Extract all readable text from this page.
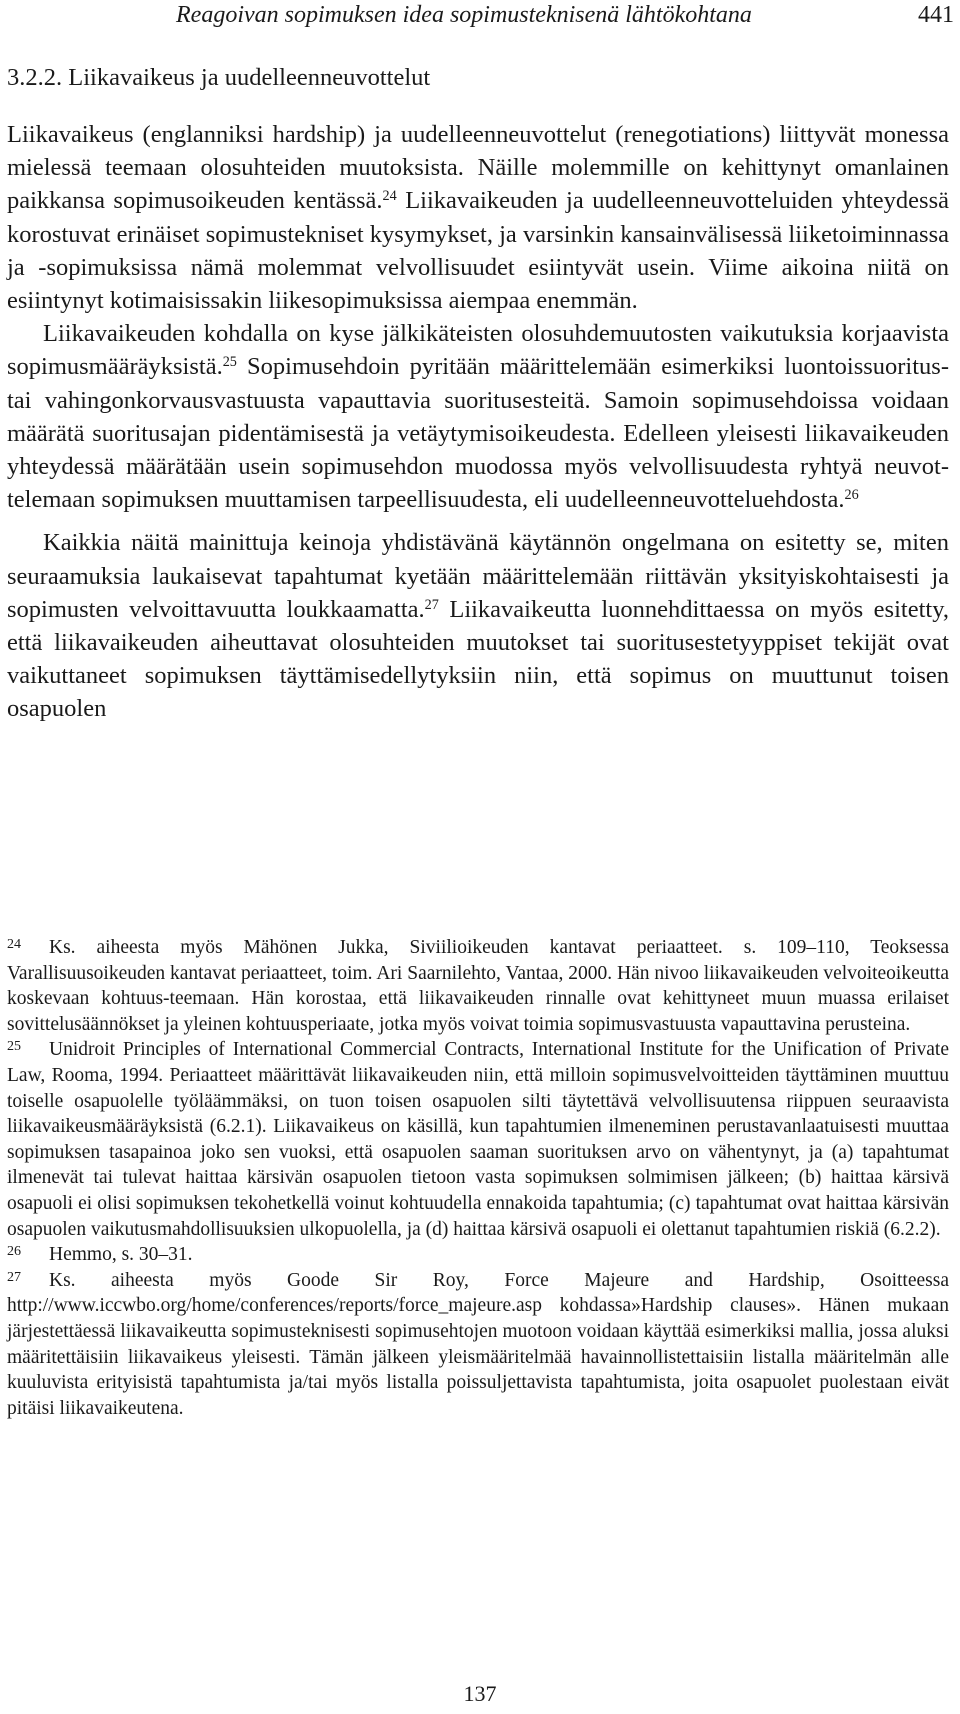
Reagoivan sopimuksen idea sopimusteknisenä lähtökohtana	441
3.2.2. Liikavaikeus ja uudelleenneuvottelut

Liikavaikeus (englanniksi hardship) ja uudelleenneuvottelut (renegotiations) liittyvät monessa mielessä teemaan olosuhteiden muutoksista. Näille molemmille on kehittynyt omanlainen paikkansa sopimusoikeuden kentässä.$^{24}$ Liikavaikeuden ja uudelleenneuvotteluiden yhteydessä korostuvat erinäiset sopimustekniset kysymykset, ja varsinkin kansainvälisessä liiketoiminnassa ja -sopimuksissa nämä molemmat velvollisuudet esiintyvät usein. Viime aikoina niitä on esiintynyt kotimaisissakin liikesopimuksissa aiempaa enemmän.

Liikavaikeuden kohdalla on kyse jälkikäteisten olosuhdemuutosten vaikutuksia korjaavista sopimusmääräyksistä.$^{25}$ Sopimusehdoin pyritään määrittelemään esimerkiksi luontoissuoritus- tai vahingonkorvausvastuusta vapauttavia suoritusesteitä. Samoin sopimusehdoissa voidaan määrätä suoritusajan pidentämisestä ja vetäytymisoikeudesta. Edelleen yleisesti liikavaikeuden yhteydessä määrätään usein sopimusehdon muodossa myös velvollisuudesta ryhtyä neuvottelemaan sopimuksen muuttamisen tarpeellisuudesta, eli uudelleenneuvotteluehdosta.$^{26}$

Kaikkia näitä mainittuja keinoja yhdistävänä käytännön ongelmana on esitetty se, miten seuraamuksia laukaisevat tapahtumat kyetään määrittelemään riittävän yksityiskohtaisesti ja sopimusten velvoittavuutta loukkaamatta.$^{27}$ Liikavaikeutta luonnehdittaessa on myös esitetty, että liikavaikeuden aiheuttavat olosuhteiden muutokset tai suoritusestetyyppiset tekijät ovat vaikuttaneet sopimuksen täyttämisedellytyksiin niin, että sopimus on muuttunut toisen osapuolen

24 Ks. aiheesta myös Mähönen Jukka, Siviilioikeuden kantavat periaatteet. s. 109–110, Teoksessa Varallisuusoikeuden kantavat periaatteet, toim. Ari Saarnilehto, Vantaa, 2000. Hän nivoo liikavaikeuden velvoiteoikeutta koskevaan kohtuus-teemaan. Hän korostaa, että liikavaikeuden rinnalle ovat kehittyneet muun muassa erilaiset sovittelusäännökset ja yleinen kohtuusperiaate, jotka myös voivat toimia sopimusvastuusta vapauttavina perusteina.

25 Unidroit Principles of International Commercial Contracts, International Institute for the Unification of Private Law, Rooma, 1994. Periaatteet määrittävät liikavaikeuden niin, että milloin sopimusvelvoitteiden täyttäminen muuttuu toiselle osapuolelle työläämmäksi, on tuon toisen osapuolen silti täytettävä velvollisuutensa riippuen seuraavista liikavaikeusmääräyksistä (6.2.1). Liikavaikeus on käsillä, kun tapahtumien ilmeneminen perustavanlaatuisesti muuttaa sopimuksen tasapainoa joko sen vuoksi, että osapuolen saaman suorituksen arvo on vähentynyt, ja (a) tapahtumat ilmenevät tai tulevat haittaa kärsivän osapuolen tietoon vasta sopimuksen solmimisen jälkeen; (b) haittaa kärsivä osapuoli ei olisi sopimuksen tekohetkellä voinut kohtuudella ennakoida tapahtumia; (c) tapahtumat ovat haittaa kärsivän osapuolen vaikutusmahdollisuuksien ulkopuolella, ja (d) haittaa kärsivä osapuoli ei olettanut tapahtumien riskiä (6.2.2).

26 Hemmo, s. 30–31.

27 Ks. aiheesta myös Goode Sir Roy, Force Majeure and Hardship, Osoitteessa http://www.iccwbo.org/home/conferences/reports/force_majeure.asp kohdassa»Hardship clauses». Hänen mukaan järjestettäessä liikavaikeutta sopimusteknisesti sopimusehtojen muotoon voidaan käyttää esimerkiksi mallia, jossa aluksi määritettäisiin liikavaikeus yleisesti. Tämän jälkeen yleismääritelmää havainnollistettaisiin listalla määritelmän alle kuuluvista erityisistä tapahtumista ja/tai myös listalla poissuljettavista tapahtumista, joita osapuolet puolestaan eivät pitäisi liikavaikeutena.

137
